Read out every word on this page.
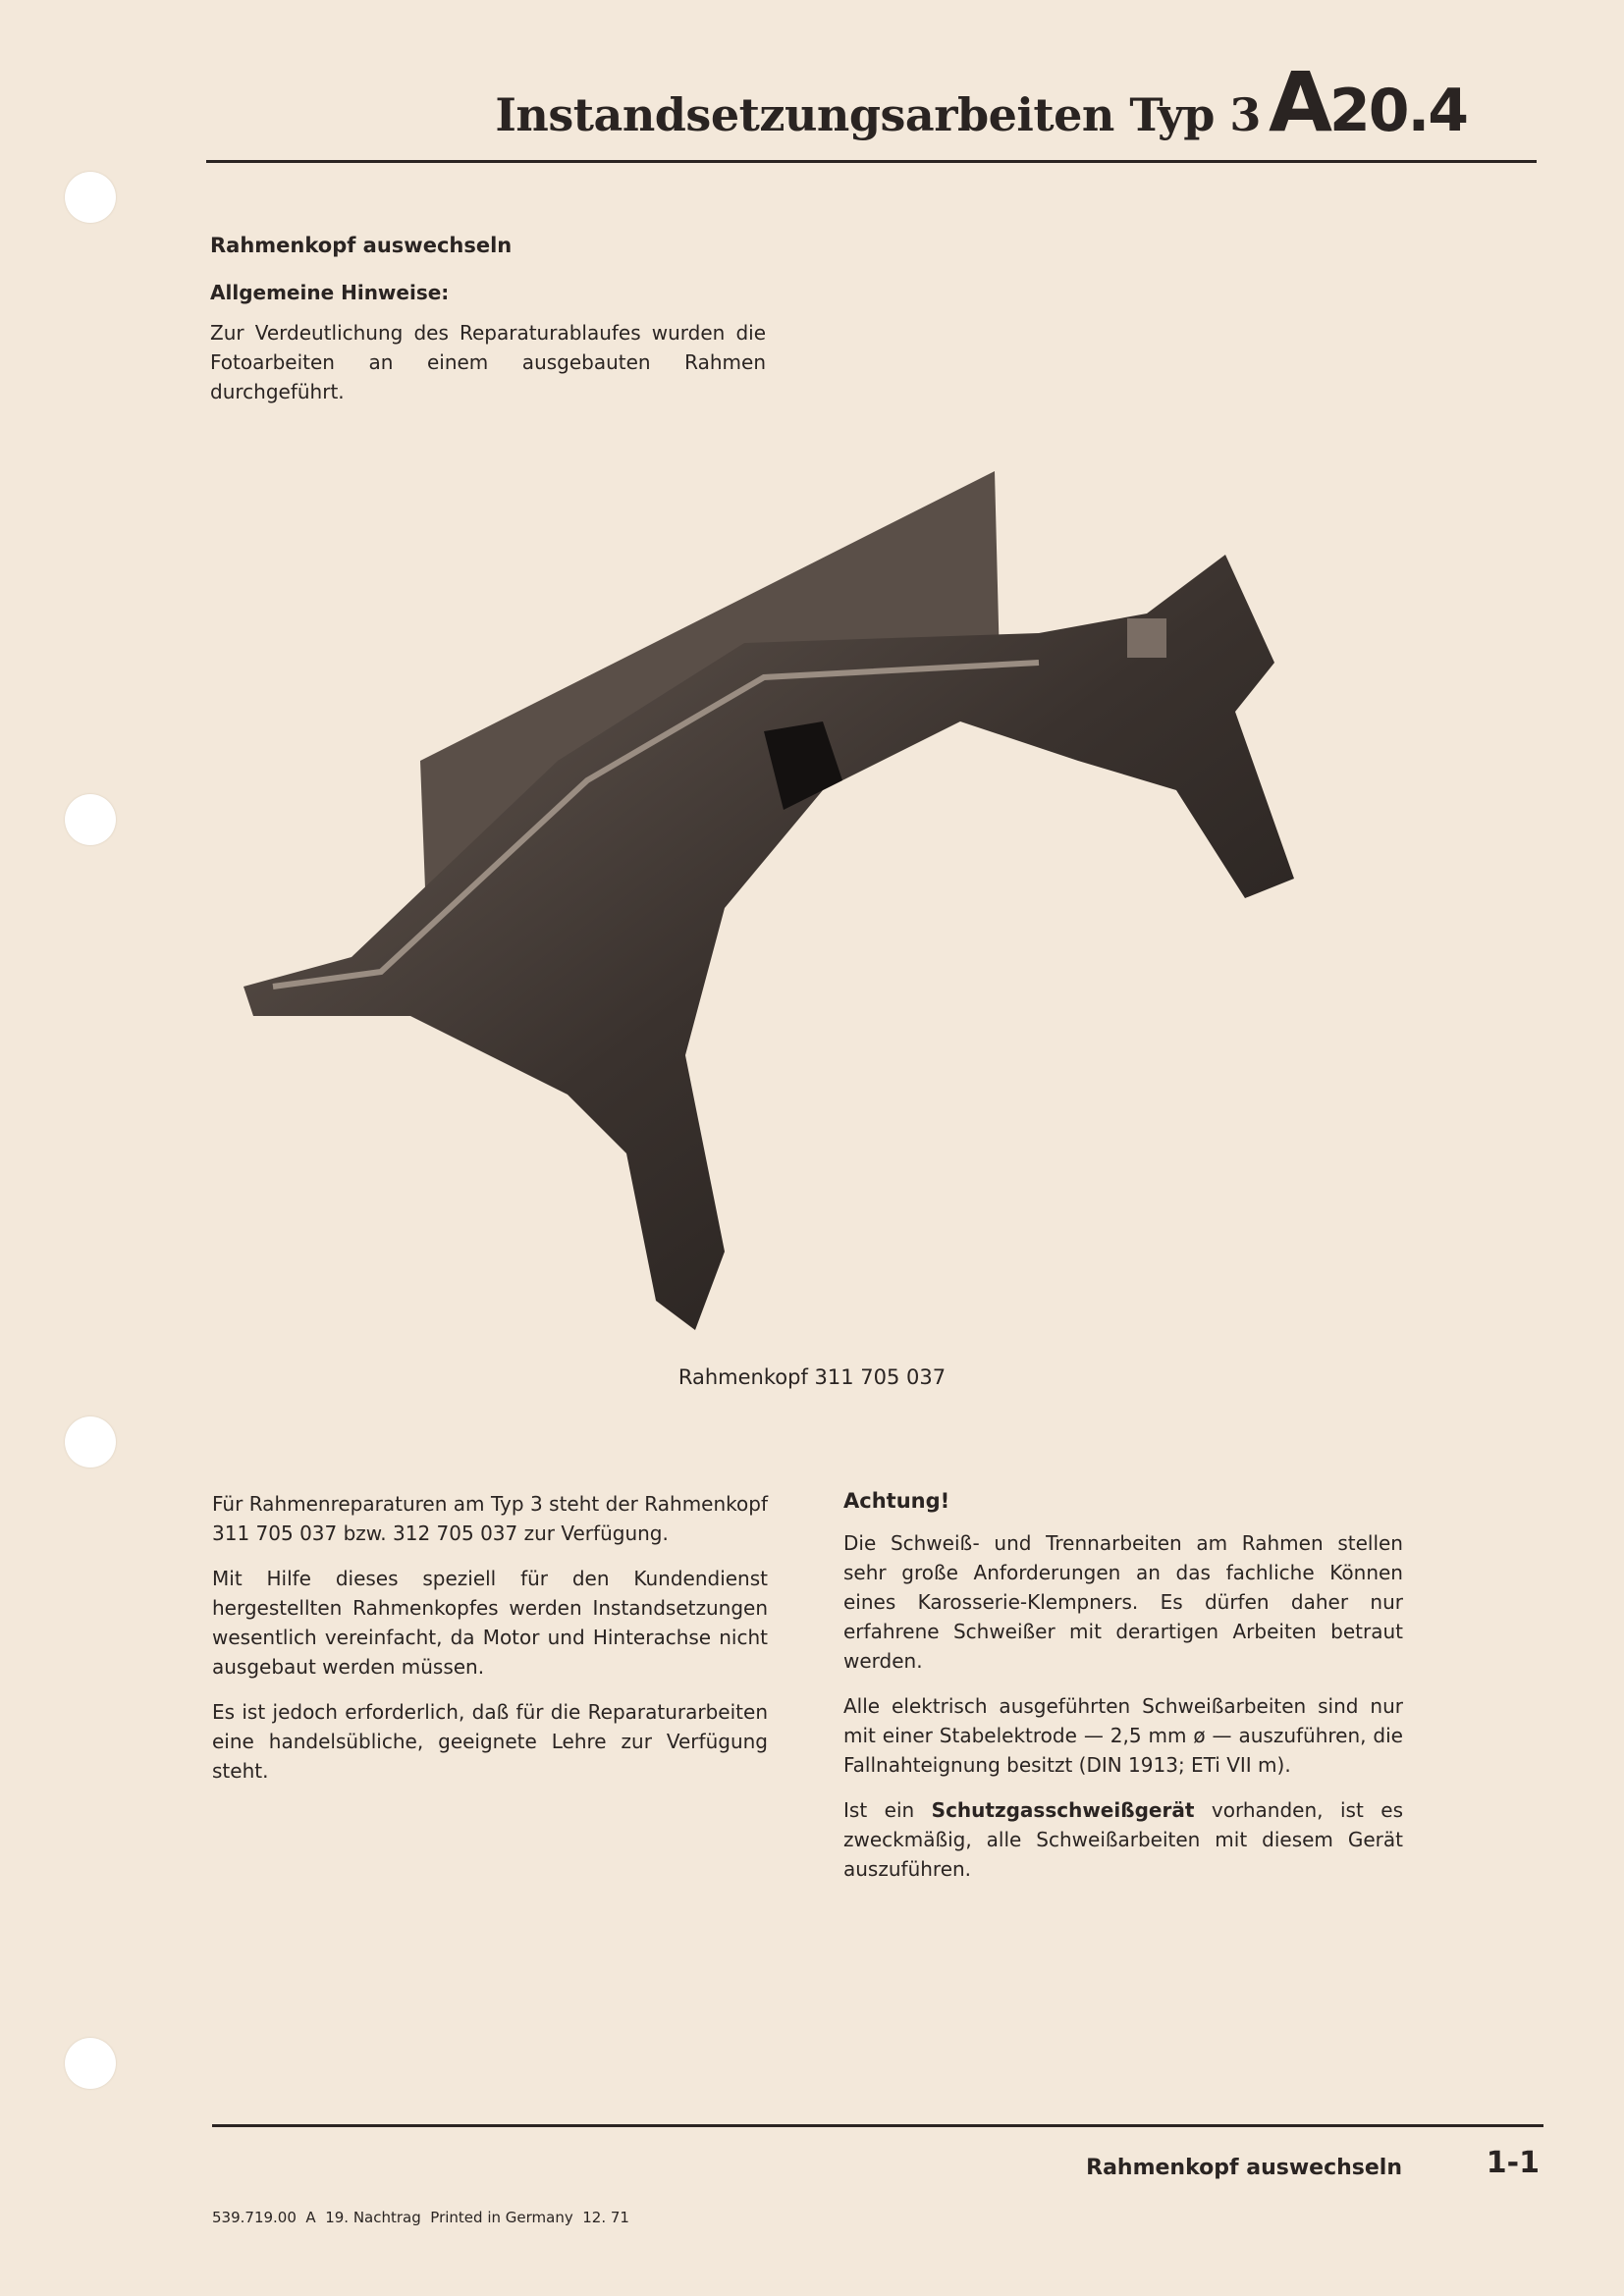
Instandsetzungsarbeiten Typ 3 A20.4
Rahmenkopf auswechseln
Allgemeine Hinweise:

Zur Verdeutlichung des Reparaturablaufes wurden die Fotoarbeiten an einem ausgebauten Rahmen durchgeführt.

Rahmenkopf 311 705 037

Für Rahmenreparaturen am Typ 3 steht der Rahmenkopf 311 705 037 bzw. 312 705 037 zur Verfügung.

Mit Hilfe dieses speziell für den Kundendienst hergestellten Rahmenkopfes werden Instandsetzungen wesentlich vereinfacht, da Motor und Hinterachse nicht ausgebaut werden müssen.

Es ist jedoch erforderlich, daß für die Reparaturarbeiten eine handelsübliche, geeignete Lehre zur Verfügung steht.

Achtung!

Die Schweiß- und Trennarbeiten am Rahmen stellen sehr große Anforderungen an das fachliche Können eines Karosserie-Klempners. Es dürfen daher nur erfahrene Schweißer mit derartigen Arbeiten betraut werden.

Alle elektrisch ausgeführten Schweißarbeiten sind nur mit einer Stabelektrode — 2,5 mm ø — auszuführen, die Fallnahteignung besitzt (DIN 1913; ETi VII m).

Ist ein Schutzgasschweißgerät vorhanden, ist es zweckmäßig, alle Schweißarbeiten mit diesem Gerät auszuführen.

Rahmenkopf auswechseln	1-1
539.719.00  A  19. Nachtrag  Printed in Germany  12. 71
